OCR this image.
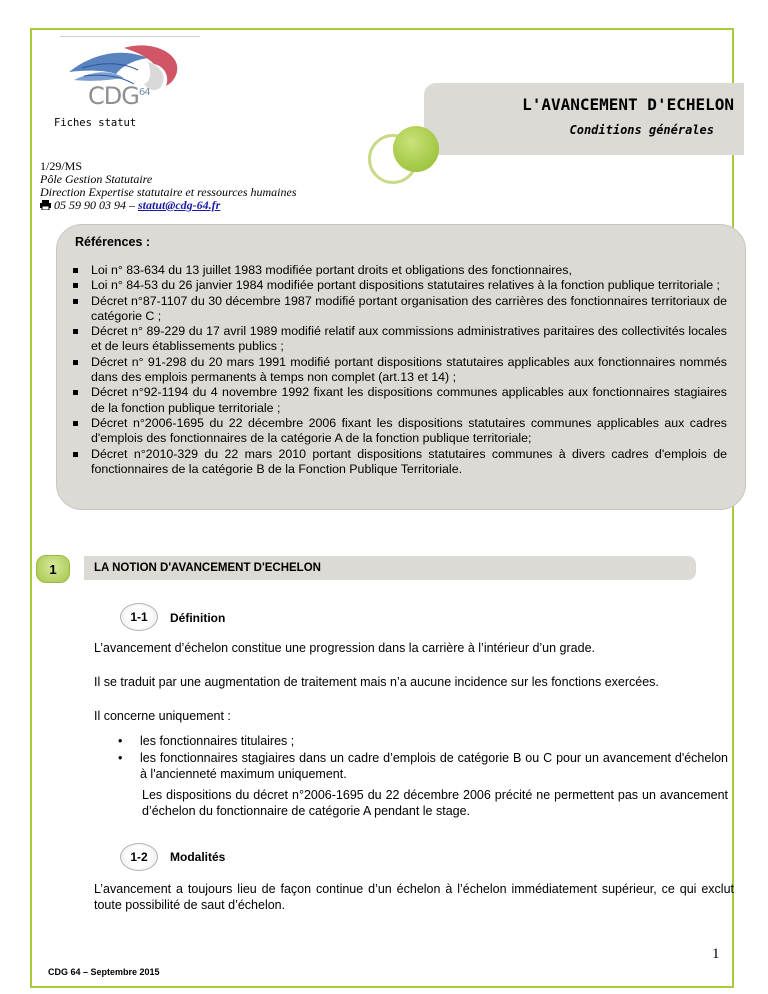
CDG$^{64}$
Fiches statut
L'AVANCEMENT D'ECHELON
Conditions générales
1/29/MS
Pôle Gestion Statutaire
Direction Expertise statutaire et ressources humaines
05 59 90 03 94 – statut@cdg-64.fr
Références :
Loi n° 83-634 du 13 juillet 1983 modifiée portant droits et obligations des fonctionnaires,
Loi n° 84-53 du 26 janvier 1984 modifiée portant dispositions statutaires relatives à la fonction publique territoriale ;
Décret n°87-1107 du 30 décembre 1987 modifié portant organisation des carrières des fonctionnaires territoriaux de catégorie C ;
Décret n° 89-229 du 17 avril 1989 modifié relatif aux commissions administratives paritaires des collectivités locales et de leurs établissements publics ;
Décret n° 91-298 du 20 mars 1991 modifié portant dispositions statutaires applicables aux fonctionnaires nommés dans des emplois permanents à temps non complet (art.13 et 14) ;
Décret n°92-1194 du 4 novembre 1992 fixant les dispositions communes applicables aux fonctionnaires stagiaires de la fonction publique territoriale ;
Décret n°2006-1695 du 22 décembre 2006 fixant les dispositions statutaires communes applicables aux cadres d'emplois des fonctionnaires de la catégorie A de la fonction publique territoriale;
Décret n°2010-329 du 22 mars 2010 portant dispositions statutaires communes à divers cadres d'emplois de fonctionnaires de la catégorie B de la Fonction Publique Territoriale.
1	LA NOTION D'AVANCEMENT D'ECHELON
1-1	Définition
L’avancement d’échelon constitue une progression dans la carrière à l’intérieur d’un grade.
Il se traduit par une augmentation de traitement mais n’a aucune incidence sur les fonctions exercées.
Il concerne uniquement :
• les fonctionnaires titulaires ;
• les fonctionnaires stagiaires dans un cadre d’emplois de catégorie B ou C pour un avancement d'échelon à l'ancienneté maximum uniquement.
Les dispositions du décret n°2006-1695 du 22 décembre 2006 précité ne permettent pas un avancement d’échelon du fonctionnaire de catégorie A pendant le stage.
1-2	Modalités
L’avancement a toujours lieu de façon continue d’un échelon à l’échelon immédiatement supérieur, ce qui exclut toute possibilité de saut d’échelon.
1
CDG 64 – Septembre 2015
